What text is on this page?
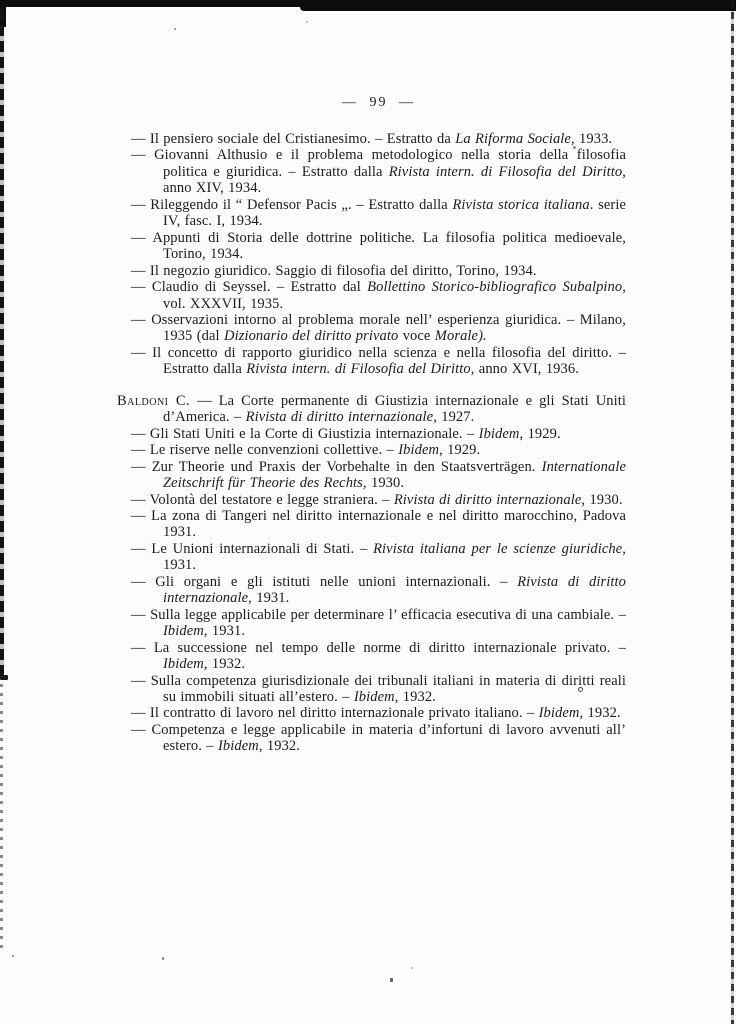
— 99 —

— Il pensiero sociale del Cristianesimo. – Estratto da La Riforma Sociale, 1933.

— Giovanni Althusio e il problema metodologico nella storia della filosofia politica e giuridica. – Estratto dalla Rivista intern. di Filosofia del Diritto, anno XIV, 1934.

— Rileggendo il “ Defensor Pacis „. – Estratto dalla Rivista storica italiana. serie IV, fasc. I, 1934.

— Appunti di Storia delle dottrine politiche. La filosofia politica medioevale, Torino, 1934.

— Il negozio giuridico. Saggio di filosofia del diritto, Torino, 1934.

— Claudio di Seyssel. – Estratto dal Bollettino Storico-bibliografico Subalpino, vol. XXXVII, 1935.

— Osservazioni intorno al problema morale nell’ esperienza giuridica. – Milano, 1935 (dal Dizionario del diritto privato voce Morale).

— Il concetto di rapporto giuridico nella scienza e nella filosofia del diritto. – Estratto dalla Rivista intern. di Filosofia del Diritto, anno XVI, 1936.

Baldoni C. — La Corte permanente di Giustizia internazionale e gli Stati Uniti d’America. – Rivista di diritto internazionale, 1927.

— Gli Stati Uniti e la Corte di Giustizia internazionale. – Ibidem, 1929.

— Le riserve nelle convenzioni collettive. – Ibidem, 1929.

— Zur Theorie und Praxis der Vorbehalte in den Staatsverträgen. Internationale Zeitschrift für Theorie des Rechts, 1930.

— Volontà del testatore e legge straniera. – Rivista di diritto internazionale, 1930.

— La zona di Tangeri nel diritto internazionale e nel diritto marocchino, Padova 1931.

— Le Unioni internazionali di Stati. – Rivista italiana per le scienze giuridiche, 1931.

— Gli organi e gli istituti nelle unioni internazionali. – Rivista di diritto internazionale, 1931.

— Sulla legge applicabile per determinare l’ efficacia esecutiva di una cambiale. – Ibidem, 1931.

— La successione nel tempo delle norme di diritto internazionale privato. – Ibidem, 1932.

— Sulla competenza giurisdizionale dei tribunali italiani in materia di diritti reali su immobili situati all’estero. – Ibidem, 1932.

— Il contratto di lavoro nel diritto internazionale privato italiano. – Ibidem, 1932.

— Competenza e legge applicabile in materia d’infortuni di lavoro avvenuti all’ estero. – Ibidem, 1932.
